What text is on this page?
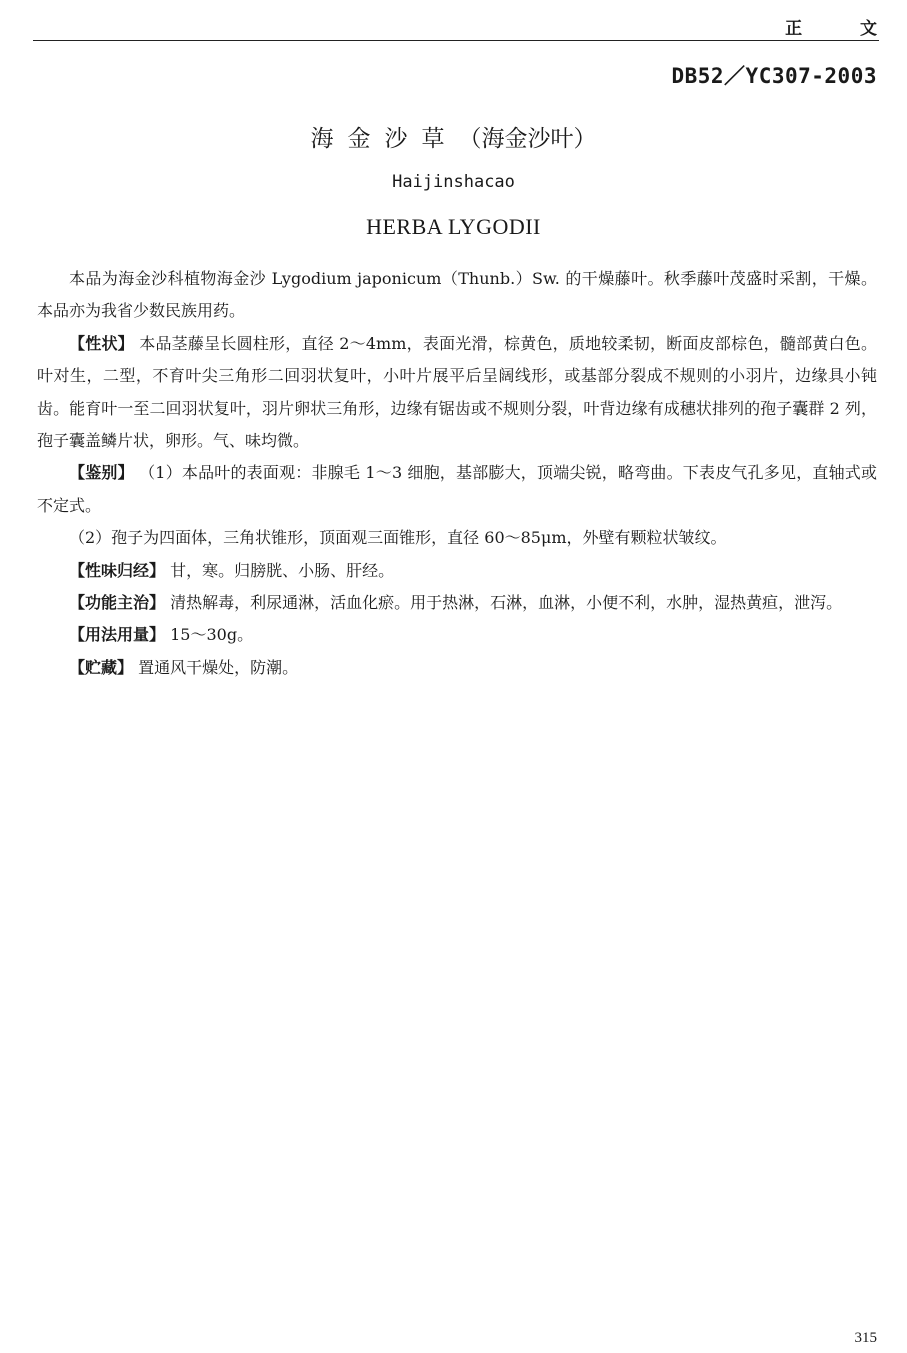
正 文
DB52／YC307-2003
海金沙草（海金沙叶）
Haijinshacao
HERBA LYGODII

本品为海金沙科植物海金沙 Lygodium japonicum（Thunb.）Sw. 的干燥藤叶。秋季藤叶茂盛时采割，干燥。本品亦为我省少数民族用药。

【性状】 本品茎藤呈长圆柱形，直径 2～4mm，表面光滑，棕黄色，质地较柔韧，断面皮部棕色，髓部黄白色。叶对生，二型，不育叶尖三角形二回羽状复叶，小叶片展平后呈阔线形，或基部分裂成不规则的小羽片，边缘具小钝齿。能育叶一至二回羽状复叶，羽片卵状三角形，边缘有锯齿或不规则分裂，叶背边缘有成穗状排列的孢子囊群 2 列，孢子囊盖鳞片状，卵形。气、味均微。

【鉴别】 （1）本品叶的表面观：非腺毛 1～3 细胞，基部膨大，顶端尖锐，略弯曲。下表皮气孔多见，直轴式或不定式。

（2）孢子为四面体，三角状锥形，顶面观三面锥形，直径 60～85μm，外壁有颗粒状皱纹。

【性味归经】 甘，寒。归膀胱、小肠、肝经。

【功能主治】 清热解毒，利尿通淋，活血化瘀。用于热淋，石淋，血淋，小便不利，水肿，湿热黄疸，泄泻。

【用法用量】 15～30g。

【贮藏】 置通风干燥处，防潮。

315
